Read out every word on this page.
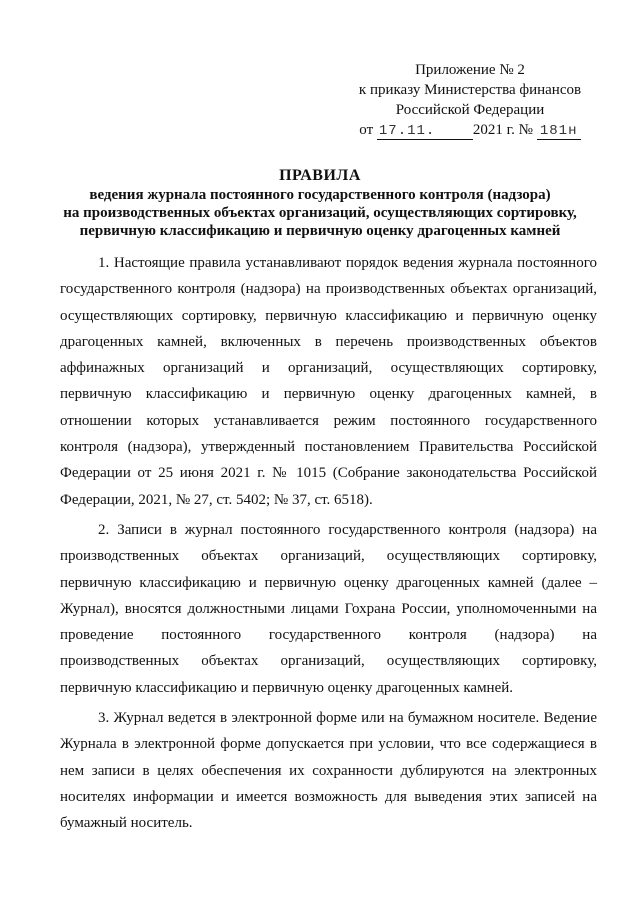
Приложение № 2
к приказу Министерства финансов
Российской Федерации
от 17.11.	2021 г. № 181н
ПРАВИЛА
ведения журнала постоянного государственного контроля (надзора)
на производственных объектах организаций, осуществляющих сортировку,
первичную классификацию и первичную оценку драгоценных камней

1. Настоящие правила устанавливают порядок ведения журнала постоянного государственного контроля (надзора) на производственных объектах организаций, осуществляющих сортировку, первичную классификацию и первичную оценку драгоценных камней, включенных в перечень производственных объектов аффинажных организаций и организаций, осуществляющих сортировку, первичную классификацию и первичную оценку драгоценных камней, в отношении которых устанавливается режим постоянного государственного контроля (надзора), утвержденный постановлением Правительства Российской Федерации от 25 июня 2021 г. № 1015 (Собрание законодательства Российской Федерации, 2021, № 27, ст. 5402; № 37, ст. 6518).

2. Записи в журнал постоянного государственного контроля (надзора) на производственных объектах организаций, осуществляющих сортировку, первичную классификацию и первичную оценку драгоценных камней (далее – Журнал), вносятся должностными лицами Гохрана России, уполномоченными на проведение постоянного государственного контроля (надзора) на производственных объектах организаций, осуществляющих сортировку, первичную классификацию и первичную оценку драгоценных камней.

3. Журнал ведется в электронной форме или на бумажном носителе. Ведение Журнала в электронной форме допускается при условии, что все содержащиеся в нем записи в целях обеспечения их сохранности дублируются на электронных носителях информации и имеется возможность для выведения этих записей на бумажный носитель.
